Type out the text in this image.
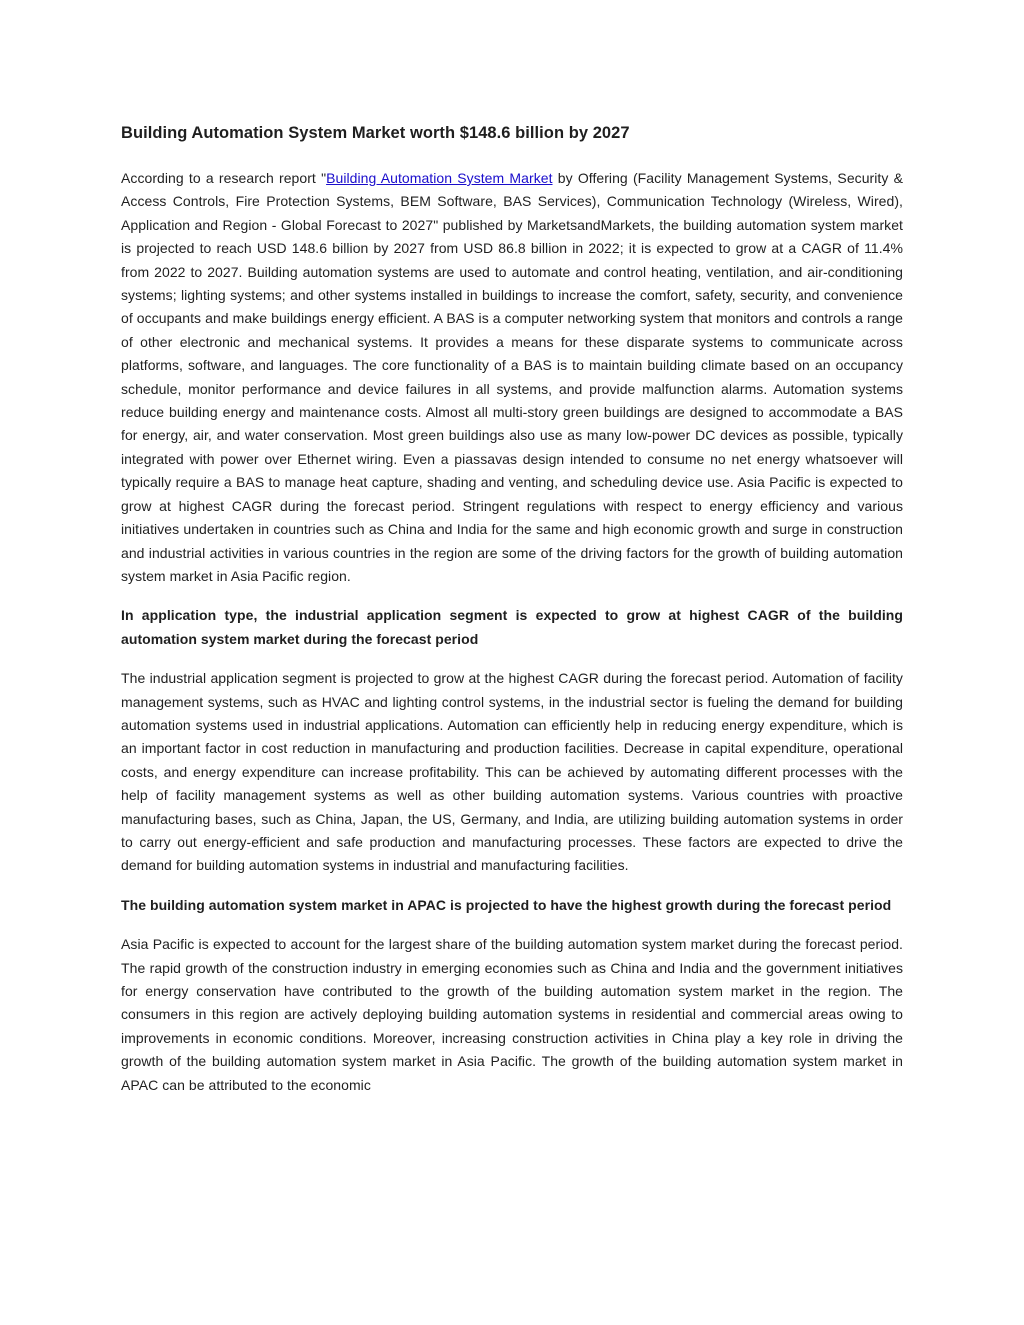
Building Automation System Market worth $148.6 billion by 2027

According to a research report "Building Automation System Market by Offering (Facility Management Systems, Security & Access Controls, Fire Protection Systems, BEM Software, BAS Services), Communication Technology (Wireless, Wired), Application and Region - Global Forecast to 2027" published by MarketsandMarkets, the building automation system market is projected to reach USD 148.6 billion by 2027 from USD 86.8 billion in 2022; it is expected to grow at a CAGR of 11.4% from 2022 to 2027. Building automation systems are used to automate and control heating, ventilation, and air-conditioning systems; lighting systems; and other systems installed in buildings to increase the comfort, safety, security, and convenience of occupants and make buildings energy efficient. A BAS is a computer networking system that monitors and controls a range of other electronic and mechanical systems. It provides a means for these disparate systems to communicate across platforms, software, and languages. The core functionality of a BAS is to maintain building climate based on an occupancy schedule, monitor performance and device failures in all systems, and provide malfunction alarms. Automation systems reduce building energy and maintenance costs. Almost all multi-story green buildings are designed to accommodate a BAS for energy, air, and water conservation. Most green buildings also use as many low-power DC devices as possible, typically integrated with power over Ethernet wiring. Even a piassavas design intended to consume no net energy whatsoever will typically require a BAS to manage heat capture, shading and venting, and scheduling device use. Asia Pacific is expected to grow at highest CAGR during the forecast period. Stringent regulations with respect to energy efficiency and various initiatives undertaken in countries such as China and India for the same and high economic growth and surge in construction and industrial activities in various countries in the region are some of the driving factors for the growth of building automation system market in Asia Pacific region.

In application type, the industrial application segment is expected to grow at highest CAGR of the building automation system market during the forecast period

The industrial application segment is projected to grow at the highest CAGR during the forecast period. Automation of facility management systems, such as HVAC and lighting control systems, in the industrial sector is fueling the demand for building automation systems used in industrial applications. Automation can efficiently help in reducing energy expenditure, which is an important factor in cost reduction in manufacturing and production facilities. Decrease in capital expenditure, operational costs, and energy expenditure can increase profitability. This can be achieved by automating different processes with the help of facility management systems as well as other building automation systems. Various countries with proactive manufacturing bases, such as China, Japan, the US, Germany, and India, are utilizing building automation systems in order to carry out energy-efficient and safe production and manufacturing processes. These factors are expected to drive the demand for building automation systems in industrial and manufacturing facilities.

The building automation system market in APAC is projected to have the highest growth during the forecast period

Asia Pacific is expected to account for the largest share of the building automation system market during the forecast period. The rapid growth of the construction industry in emerging economies such as China and India and the government initiatives for energy conservation have contributed to the growth of the building automation system market in the region. The consumers in this region are actively deploying building automation systems in residential and commercial areas owing to improvements in economic conditions. Moreover, increasing construction activities in China play a key role in driving the growth of the building automation system market in Asia Pacific. The growth of the building automation system market in APAC can be attributed to the economic
